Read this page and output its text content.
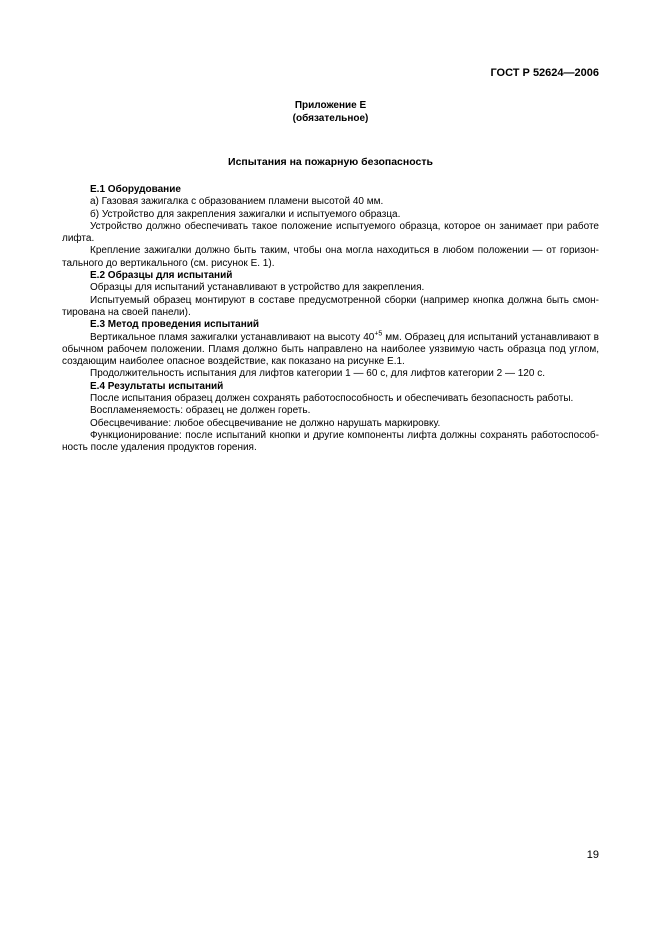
ГОСТ Р 52624—2006
Приложение Е
(обязательное)
Испытания на пожарную безопасность

Е.1 Оборудование

а) Газовая зажигалка с образованием пламени высотой 40 мм.

б) Устройство для закрепления зажигалки и испытуемого образца.

Устройство должно обеспечивать такое положение испытуемого образца, которое он занимает при работе лифта.

Крепление зажигалки должно быть таким, чтобы она могла находиться в любом положении — от горизонтального до вертикального (см. рисунок Е. 1).

Е.2 Образцы для испытаний

Образцы для испытаний устанавливают в устройство для закрепления.

Испытуемый образец монтируют в составе предусмотренной сборки (например кнопка должна быть смонтирована на своей панели).

Е.3 Метод проведения испытаний

Вертикальное пламя зажигалки устанавливают на высоту $40^{+5}$ мм. Образец для испытаний устанавливают в обычном рабочем положении. Пламя должно быть направлено на наиболее уязвимую часть образца под углом, создающим наиболее опасное воздействие, как показано на рисунке Е.1.

Продолжительность испытания для лифтов категории 1 — 60 с, для лифтов категории 2 — 120 с.

Е.4 Результаты испытаний

После испытания образец должен сохранять работоспособность и обеспечивать безопасность работы.

Воспламеняемость: образец не должен гореть.

Обесцвечивание: любое обесцвечивание не должно нарушать маркировку.

Функционирование: после испытаний кнопки и другие компоненты лифта должны сохранять работоспособность после удаления продуктов горения.

19
